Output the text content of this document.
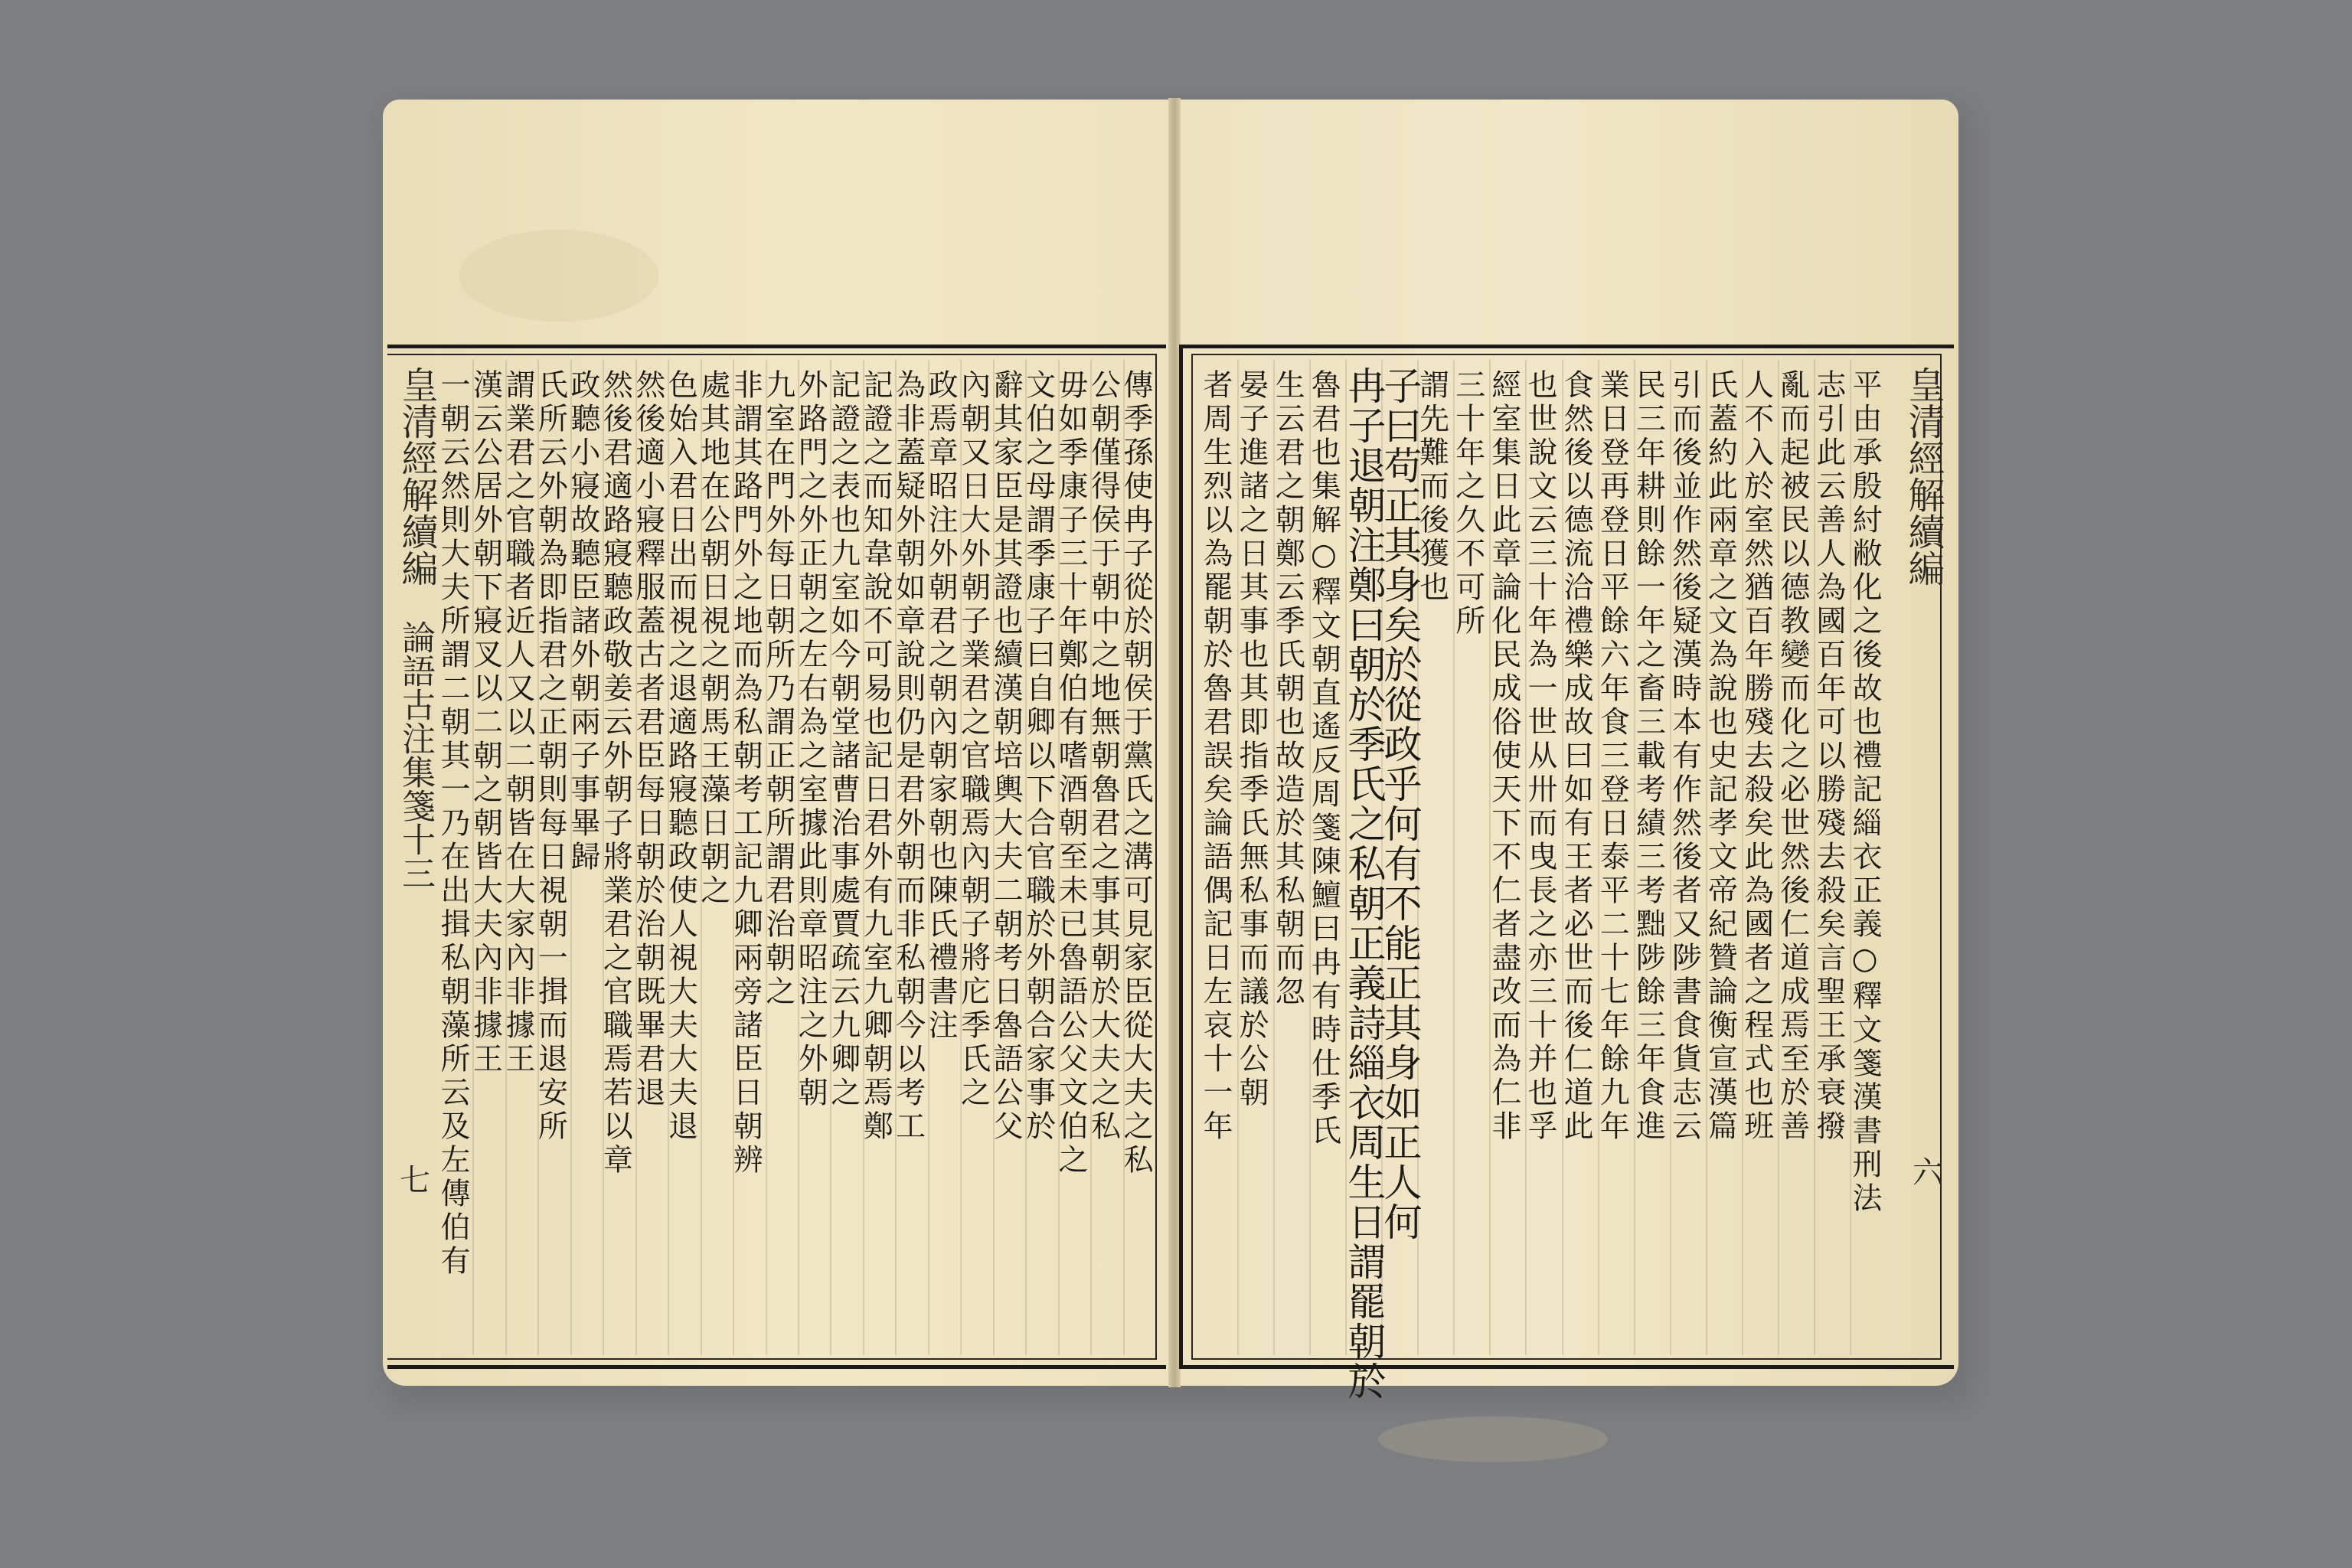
皇清經解續編
論語古注集箋十三
七
皇清經解續編
六
傳季孫使冉子從於朝侯于黨氏之溝可見家臣從大夫之私
公朝僅得侯于朝中之地無朝魯君之事其朝於大夫之私
毋如季康子三十年鄭伯有嗜酒朝至未已魯語公父文伯之
文伯之母謂季康子曰自卿以下合官職於外朝合家事於
辭其家臣是其證也續漢朝培輿大夫二朝考日魯語公父
內朝又日大外朝子業君之官職焉內朝子將庀季氏之
政焉章昭注外朝君之朝內朝家朝也陳氏禮書注
為非蓋疑外朝如章說則仍是君外朝而非私朝今以考工
記證之而知韋說不可易也記日君外有九室九卿朝焉鄭
記證之表也九室如今朝堂諸曹治事處賈疏云九卿之
外路門之外正朝之左右為之室據此則章昭注之外朝
九室在門外每日朝所乃謂正朝所謂君治朝之
非謂其路門外之地而為私朝考工記九卿兩旁諸臣日朝辨
處其地在公朝日視之朝馬王藻日朝之
色始入君日出而視之退適路寢聽政使人視大夫大夫退
然後適小寢釋服蓋古者君臣每日朝於治朝既畢君退
然後君適路寢聽政敬姜云外朝子將業君之官職焉若以章
政聽小寢故聽臣諸外朝兩子事畢歸
氏所云外朝為即指君之正朝則每日視朝一揖而退安所
謂業君之官職者近人又以二朝皆在大家內非據王
漢云公居外朝下寢叉以二朝之朝皆大夫內非據王
一朝云然則大夫所謂二朝其一乃在出揖私朝藻所云及左傳伯有	平由承殷紂敝化之後故也禮記緇衣正義○釋文箋漢書刑法
志引此云善人為國百年可以勝殘去殺矣言聖王承衰撥
亂而起被民以德教變而化之必世然後仁道成焉至於善
人不入於室然猶百年勝殘去殺矣此為國者之程式也班
氏蓋約此兩章之文為說也史記孝文帝紀贊論衡宣漢篇
引而後並作然後疑漢時本有作然後者又陟書食貨志云
民三年耕則餘一年之畜三載考績三考黜陟餘三年食進
業日登再登日平餘六年食三登日泰平二十七年餘九年
食然後以德流洽禮樂成故曰如有王者必世而後仁道此
也世說文云三十年為一世从卅而曳長之亦三十并也孚
經室集日此章論化民成俗使天下不仁者盡改而為仁非
三十年之久不可所
謂先難而後獲也
子曰苟正其身矣於從政乎何有不能正其身如正人何
冉子退朝注鄭曰朝於季氏之私朝正義詩緇衣周生日謂罷朝於
魯君也集解○釋文朝直遙反周箋陳鱣曰冉有時仕季氏
生云君之朝鄭云季氏朝也故造於其私朝而忽
晏子進諸之日其事也其即指季氏無私事而議於公朝
者周生烈以為罷朝於魯君誤矣論語偶記日左哀十一年
